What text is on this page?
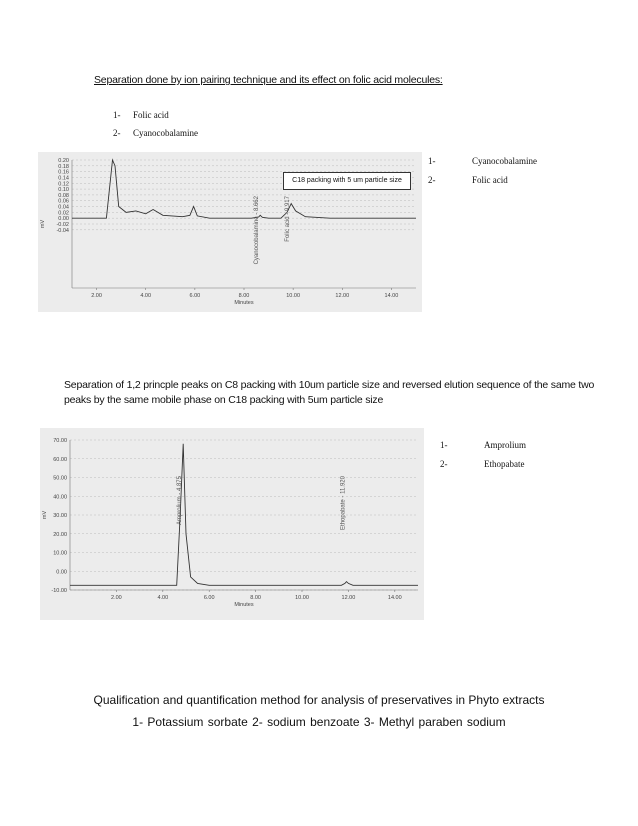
Separation done by ion pairing technique and its effect on folic acid molecules:
1- Folic acid
2- Cyanocobalamine
0.20
0.18
0.16
0.14
0.12
0.10
0.08
0.06
0.04
0.02
0.00
-0.02
-0.04
2.00	4.00	6.00	8.00	10.00	12.00	14.00
Minutes
mV	Cyanocobalamine - 8.662	Folic acid - 9.917
C18 packing with 5 um particle size
1-	Cyanocobalamine
2-	Folic acid
Separation of 1,2 princple peaks on C8 packing with 10um particle size and reversed elution sequence of the same two peaks by the same mobile phase on C18 packing with 5um particle size
70.00
60.00
50.00
40.00
30.00
20.00
10.00
0.00
-10.00
2.00	4.00	6.00	8.00	10.00	12.00	14.00
Minutes
mV	Amprolium - 4.875	Ethopabate - 11.920
1-	Amprolium
2-	Ethopabate
Qualification and quantification method for analysis of preservatives in Phyto extracts
1- Potassium sorbate 2- sodium benzoate 3- Methyl paraben sodium
